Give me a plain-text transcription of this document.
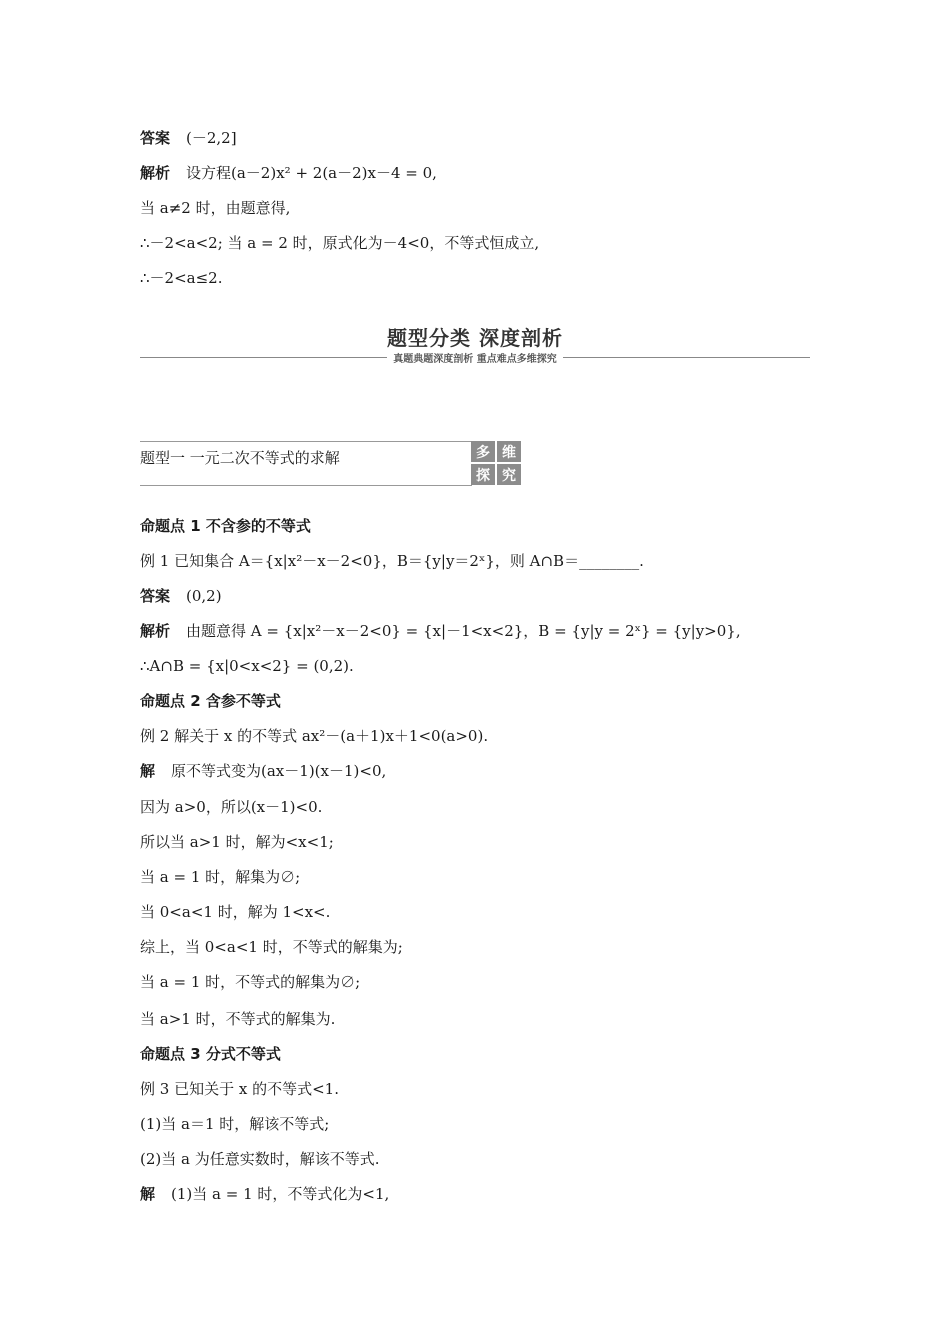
答案 (－2,2]
解析 设方程(a－2)x² + 2(a－2)x－4 = 0,
当 a≠2 时，由题意得,
∴－2<a<2; 当 a = 2 时，原式化为－4<0，不等式恒成立,
∴－2<a≤2.
题型分类 深度剖析
真题典题深度剖析 重点难点多维探究
题型一 一元二次不等式的求解	多 维
探 究
命题点 1 不含参的不等式
例 1 已知集合 A＝{x|x²－x－2<0}，B＝{y|y＝2ˣ}，则 A∩B＝________.
答案 (0,2)
解析 由题意得 A = {x|x²－x－2<0} = {x|－1<x<2}，B = {y|y = 2ˣ} = {y|y>0},
∴A∩B = {x|0<x<2} = (0,2).
命题点 2 含参不等式
例 2 解关于 x 的不等式 ax²－(a＋1)x＋1<0(a>0).
解 原不等式变为(ax－1)(x－1)<0,
因为 a>0，所以(x－1)<0.
所以当 a>1 时，解为<x<1;
当 a = 1 时，解集为∅;
当 0<a<1 时，解为 1<x<.
综上，当 0<a<1 时，不等式的解集为;
当 a = 1 时，不等式的解集为∅;
当 a>1 时，不等式的解集为.
命题点 3 分式不等式
例 3 已知关于 x 的不等式<1.
(1)当 a＝1 时，解该不等式;
(2)当 a 为任意实数时，解该不等式.
解 (1)当 a = 1 时，不等式化为<1,
